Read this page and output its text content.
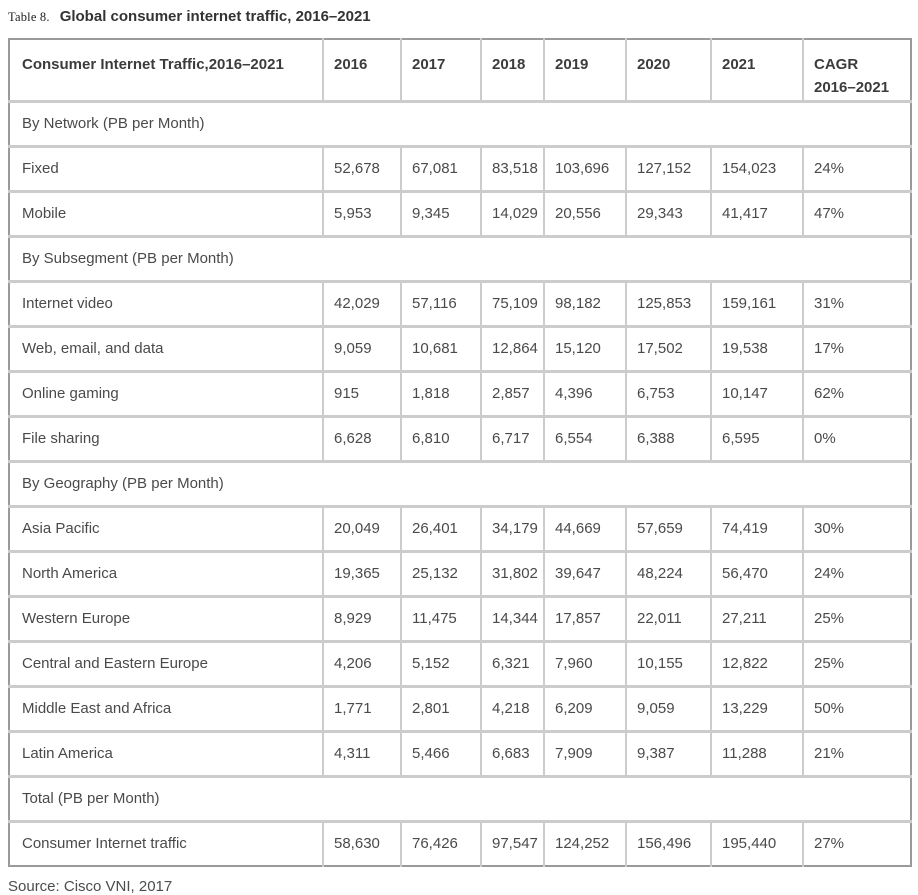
Table 8. Global consumer internet traffic, 2016–2021
Consumer Internet Traffic,2016–2021	2016	2017	2018	2019	2020	2021	CAGR 2016–2021
By Network (PB per Month)							
Fixed	52,678	67,081	83,518	103,696	127,152	154,023	24%
Mobile	5,953	9,345	14,029	20,556	29,343	41,417	47%
By Subsegment (PB per Month)							
Internet video	42,029	57,116	75,109	98,182	125,853	159,161	31%
Web, email, and data	9,059	10,681	12,864	15,120	17,502	19,538	17%
Online gaming	915	1,818	2,857	4,396	6,753	10,147	62%
File sharing	6,628	6,810	6,717	6,554	6,388	6,595	0%
By Geography (PB per Month)							
Asia Pacific	20,049	26,401	34,179	44,669	57,659	74,419	30%
North America	19,365	25,132	31,802	39,647	48,224	56,470	24%
Western Europe	8,929	11,475	14,344	17,857	22,011	27,211	25%
Central and Eastern Europe	4,206	5,152	6,321	7,960	10,155	12,822	25%
Middle East and Africa	1,771	2,801	4,218	6,209	9,059	13,229	50%
Latin America	4,311	5,466	6,683	7,909	9,387	11,288	21%
Total (PB per Month)							
Consumer Internet traffic	58,630	76,426	97,547	124,252	156,496	195,440	27%
Source: Cisco VNI, 2017
